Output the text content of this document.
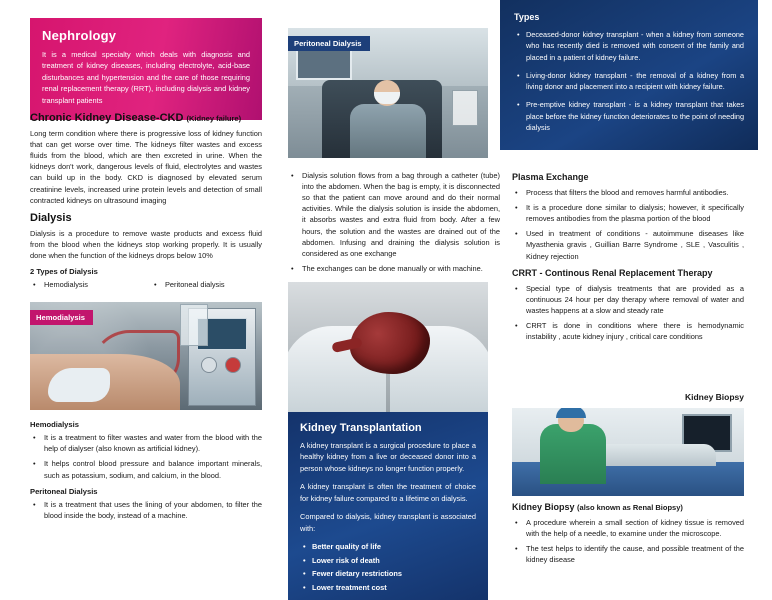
Nephrology
It is a medical specialty which deals with diagnosis and treatment of kidney diseases, including electrolyte, acid-base disturbances and hypertension and the care of those requiring renal replacement therapy (RRT), including dialysis and kidney transplant patients
Chronic Kidney Disease-CKD (Kidney failure)

Long term condition where there is progressive loss of kidney function that can get worse over time. The kidneys filter wastes and excess fluids from the blood, which are then excreted in urine. When the kidneys don't work, dangerous levels of fluid, electrolytes and wastes can build up in the body. CKD is diagnosed by elevated serum creatinine levels, increased urine protein levels and detection of small contracted kidneys on ultrasound imaging

Dialysis

Dialysis is a procedure to remove waste products and excess fluid from the blood when the kidneys stop working properly. It is usually done when the function of the kidneys drops below 10%

2 Types of Dialysis
• Hemodialysis	• Peritoneal dialysis
Hemodialysis
Hemodialysis
• It is a treatment to filter wastes and water from the blood with the help of dialyser (also known as artificial kidney).
• It helps control blood pressure and balance important minerals, such as potassium, sodium, and calcium, in the blood.
Peritoneal Dialysis
• It is a treatment that uses the lining of your abdomen, to filter the blood inside the body, instead of a machine.
Peritoneal Dialysis
• Dialysis solution flows from a bag through a catheter (tube) into the abdomen. When the bag is empty, it is disconnected so that the patient can move around and do their normal activities. While the dialysis solution is inside the abdomen, it absorbs wastes and extra fluid from body. After a few hours, the solution and the wastes are drained out of the abdomen. Infusing and draining the dialysis solution is considered as one exchange
• The exchanges can be done manually or with machine.
Kidney Transplantation

A kidney transplant is a surgical procedure to place a healthy kidney from a live or deceased donor into a person whose kidneys no longer function properly.

A kidney transplant is often the treatment of choice for kidney failure compared to a lifetime on dialysis.

Compared to dialysis, kidney transplant is associated with:

• Better quality of life
• Lower risk of death
• Fewer dietary restrictions
• Lower treatment cost
Types
• Deceased-donor kidney transplant - when a kidney from someone who has recently died is removed with consent of the family and placed in a patient of kidney failure.
• Living-donor kidney transplant - the removal of a kidney from a living donor and placement into a recipient with kidney failure.
• Pre-emptive kidney transplant - is a kidney transplant that takes place before the kidney function deteriorates to the point of needing dialysis
Plasma Exchange
• Process that filters the blood and removes harmful antibodies.
• It is a procedure done similar to dialysis; however, it specifically removes antibodies from the plasma portion of the blood
• Used in treatment of conditions - autoimmune diseases like Myasthenia gravis , Guillian Barre Syndrome , SLE , Vasculitis , Kidney rejection
CRRT - Continous Renal Replacement Therapy
• Special type of dialysis treatments that are provided as a continuous 24 hour per day therapy where removal of water and wastes happens at a slow and steady rate
• CRRT is done in conditions where there is hemodynamic instability , acute kidney injury , critical care conditions
Kidney Biopsy
Kidney Biopsy (also known as Renal Biopsy)
• A procedure wherein a small section of kidney tissue is removed with the help of a needle, to examine under the microscope.
• The test helps to identify the cause, and possible treatment of the kidney disease
